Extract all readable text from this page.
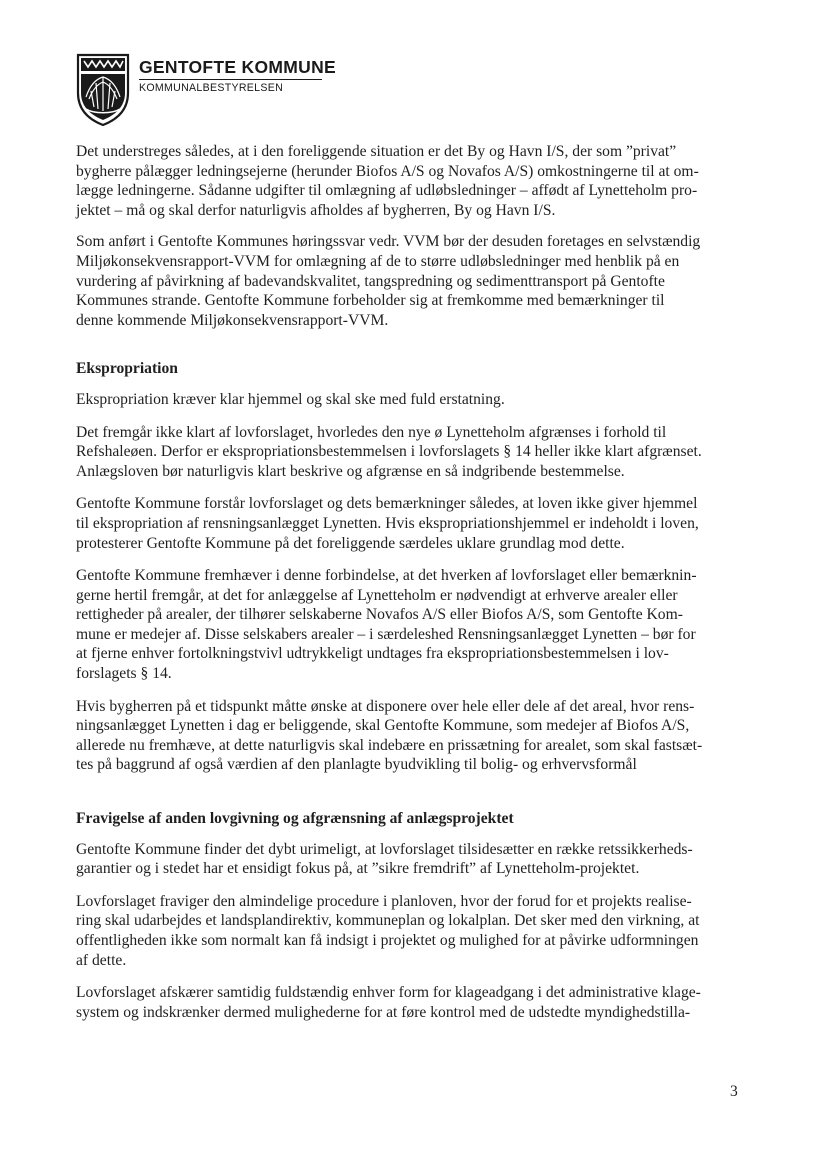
GENTOFTE KOMMUNE
KOMMUNALBESTYRELSEN

Det understreges således, at i den foreliggende situation er det By og Havn I/S, der som ”privat”
bygherre pålægger ledningsejerne (herunder Biofos A/S og Novafos A/S) omkostningerne til at om-
lægge ledningerne. Sådanne udgifter til omlægning af udløbsledninger – affødt af Lynetteholm pro-
jektet – må og skal derfor naturligvis afholdes af bygherren, By og Havn I/S.

Som anført i Gentofte Kommunes høringssvar vedr. VVM bør der desuden foretages en selvstændig
Miljøkonsekvensrapport-VVM for omlægning af de to større udløbsledninger med henblik på en
vurdering af påvirkning af badevandskvalitet, tangspredning og sedimenttransport på Gentofte
Kommunes strande. Gentofte Kommune forbeholder sig at fremkomme med bemærkninger til
denne kommende Miljøkonsekvensrapport-VVM.

Ekspropriation

Ekspropriation kræver klar hjemmel og skal ske med fuld erstatning.

Det fremgår ikke klart af lovforslaget, hvorledes den nye ø Lynetteholm afgrænses i forhold til
Refshaleøen. Derfor er ekspropriationsbestemmelsen i lovforslagets § 14 heller ikke klart afgrænset.
Anlægsloven bør naturligvis klart beskrive og afgrænse en så indgribende bestemmelse.

Gentofte Kommune forstår lovforslaget og dets bemærkninger således, at loven ikke giver hjemmel
til ekspropriation af rensningsanlægget Lynetten. Hvis ekspropriationshjemmel er indeholdt i loven,
protesterer Gentofte Kommune på det foreliggende særdeles uklare grundlag mod dette.

Gentofte Kommune fremhæver i denne forbindelse, at det hverken af lovforslaget eller bemærknin-
gerne hertil fremgår, at det for anlæggelse af Lynetteholm er nødvendigt at erhverve arealer eller
rettigheder på arealer, der tilhører selskaberne Novafos A/S eller Biofos A/S, som Gentofte Kom-
mune er medejer af. Disse selskabers arealer – i særdeleshed Rensningsanlægget Lynetten – bør for
at fjerne enhver fortolkningstvivl udtrykkeligt undtages fra ekspropriationsbestemmelsen i lov-
forslagets § 14.

Hvis bygherren på et tidspunkt måtte ønske at disponere over hele eller dele af det areal, hvor rens-
ningsanlægget Lynetten i dag er beliggende, skal Gentofte Kommune, som medejer af Biofos A/S,
allerede nu fremhæve, at dette naturligvis skal indebære en prissætning for arealet, som skal fastsæt-
tes på baggrund af også værdien af den planlagte byudvikling til bolig- og erhvervsformål

Fravigelse af anden lovgivning og afgrænsning af anlægsprojektet

Gentofte Kommune finder det dybt urimeligt, at lovforslaget tilsidesætter en række retssikkerheds-
garantier og i stedet har et ensidigt fokus på, at ”sikre fremdrift” af Lynetteholm-projektet.

Lovforslaget fraviger den almindelige procedure i planloven, hvor der forud for et projekts realise-
ring skal udarbejdes et landsplandirektiv, kommuneplan og lokalplan. Det sker med den virkning, at
offentligheden ikke som normalt kan få indsigt i projektet og mulighed for at påvirke udformningen
af dette.

Lovforslaget afskærer samtidig fuldstændig enhver form for klageadgang i det administrative klage-
system og indskrænker dermed mulighederne for at føre kontrol med de udstedte myndighedstilla-

3
